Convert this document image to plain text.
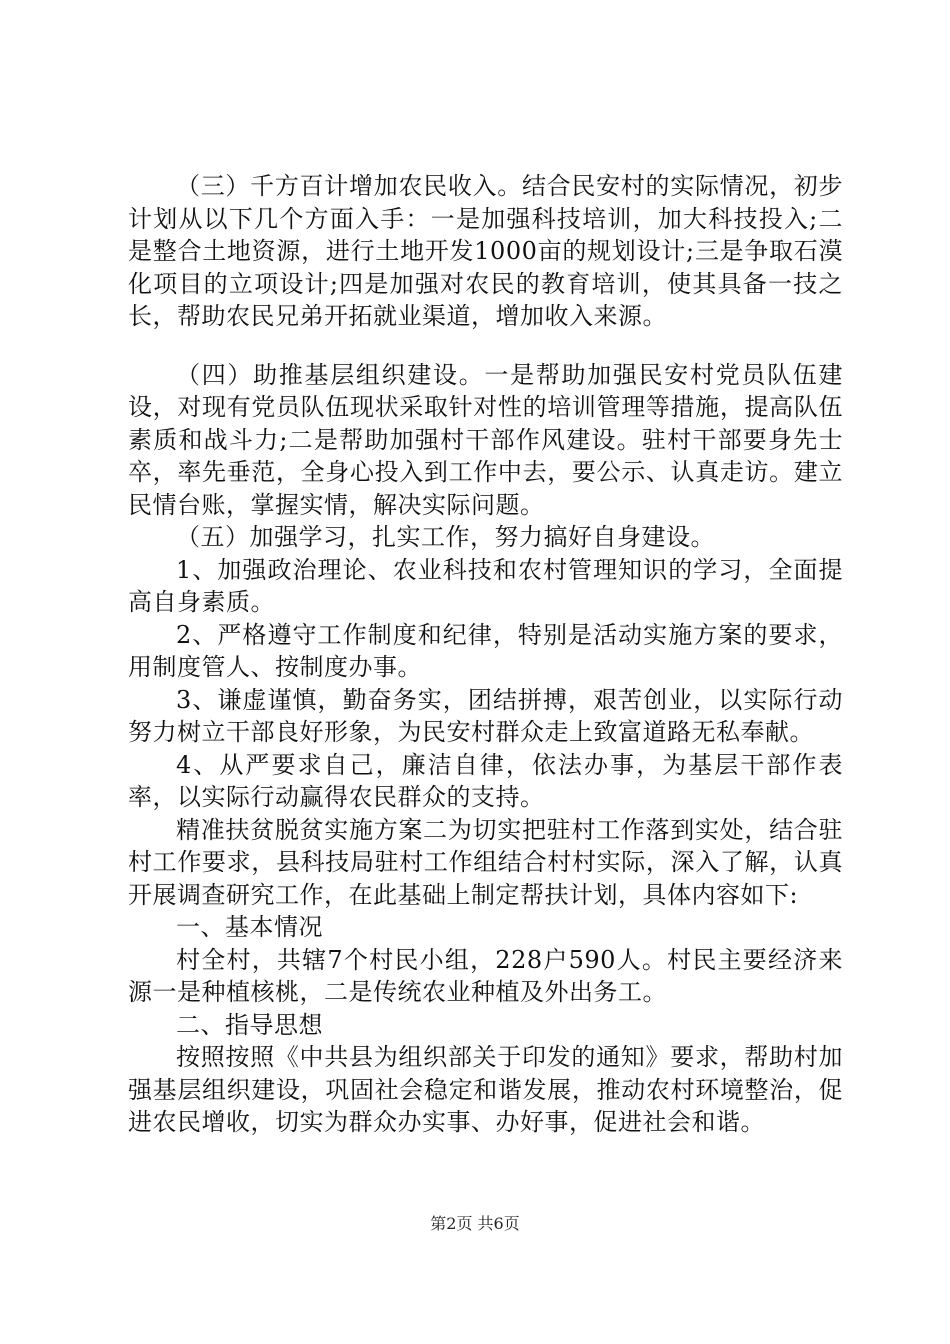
（三）千方百计增加农民收入。结合民安村的实际情况，初步计划从以下几个方面入手：一是加强科技培训，加大科技投入;二是整合土地资源，进行土地开发1000亩的规划设计;三是争取石漠化项目的立项设计;四是加强对农民的教育培训，使其具备一技之长，帮助农民兄弟开拓就业渠道，增加收入来源。

（四）助推基层组织建设。一是帮助加强民安村党员队伍建设，对现有党员队伍现状采取针对性的培训管理等措施，提高队伍素质和战斗力;二是帮助加强村干部作风建设。驻村干部要身先士卒，率先垂范，全身心投入到工作中去，要公示、认真走访。建立民情台账，掌握实情，解决实际问题。

（五）加强学习，扎实工作，努力搞好自身建设。

1、加强政治理论、农业科技和农村管理知识的学习，全面提高自身素质。

2、严格遵守工作制度和纪律，特别是活动实施方案的要求，用制度管人、按制度办事。

3、谦虚谨慎，勤奋务实，团结拼搏，艰苦创业，以实际行动努力树立干部良好形象，为民安村群众走上致富道路无私奉献。

4、从严要求自己，廉洁自律，依法办事，为基层干部作表率，以实际行动赢得农民群众的支持。

精准扶贫脱贫实施方案二为切实把驻村工作落到实处，结合驻村工作要求，县科技局驻村工作组结合村村实际，深入了解，认真开展调查研究工作，在此基础上制定帮扶计划，具体内容如下:

一、基本情况

村全村，共辖7个村民小组，228户590人。村民主要经济来源一是种植核桃，二是传统农业种植及外出务工。

二、指导思想

按照按照《中共县为组织部关于印发的通知》要求，帮助村加强基层组织建设，巩固社会稳定和谐发展，推动农村环境整治，促进农民增收，切实为群众办实事、办好事，促进社会和谐。

第2页 共6页
